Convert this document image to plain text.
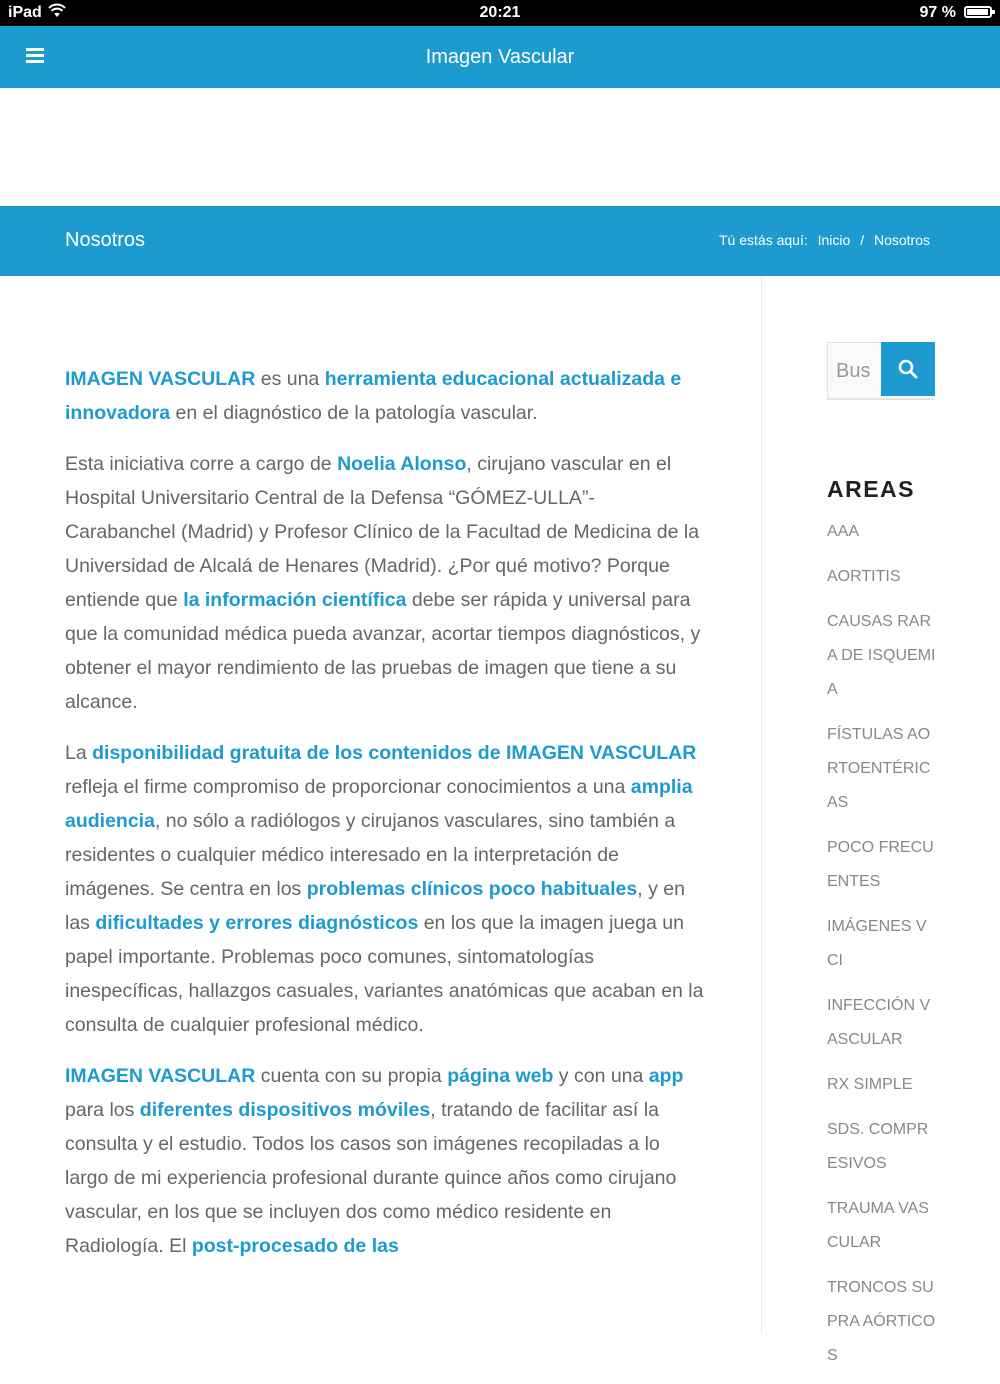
iPad	20:21	97 %
Imagen Vascular
Nosotros	Tú estás aquí: Inicio / Nosotros

IMAGEN VASCULAR es una herramienta educacional actualizada e innovadora en el diagnóstico de la patología vascular.

Esta iniciativa corre a cargo de Noelia Alonso, cirujano vascular en el Hospital Universitario Central de la Defensa “GÓMEZ-ULLA”-Carabanchel (Madrid) y Profesor Clínico de la Facultad de Medicina de la Universidad de Alcalá de Henares (Madrid). ¿Por qué motivo? Porque entiende que la información científica debe ser rápida y universal para que la comunidad médica pueda avanzar, acortar tiempos diagnósticos, y obtener el mayor rendimiento de las pruebas de imagen que tiene a su alcance.

La disponibilidad gratuita de los contenidos de IMAGEN VASCULAR refleja el firme compromiso de proporcionar conocimientos a una amplia audiencia, no sólo a radiólogos y cirujanos vasculares, sino también a residentes o cualquier médico interesado en la interpretación de imágenes. Se centra en los problemas clínicos poco habituales, y en las dificultades y errores diagnósticos en los que la imagen juega un papel importante. Problemas poco comunes, sintomatologías inespecíficas, hallazgos casuales, variantes anatómicas que acaban en la consulta de cualquier profesional médico.

IMAGEN VASCULAR cuenta con su propia página web y con una app para los diferentes dispositivos móviles, tratando de facilitar así la consulta y el estudio. Todos los casos son imágenes recopiladas a lo largo de mi experiencia profesional durante quince años como cirujano vascular, en los que se incluyen dos como médico residente en Radiología. El post-procesado de las

Bus
AREAS
AAA
AORTITIS
CAUSAS RARA DE ISQUEMIA
FÍSTULAS AORTOENTÉRICAS
POCO FRECUENTES
IMÁGENES VCI
INFECCIÓN VASCULAR
RX SIMPLE
SDS. COMPRESIVOS
TRAUMA VASCULAR
TRONCOS SUPRA AÓRTICOS
